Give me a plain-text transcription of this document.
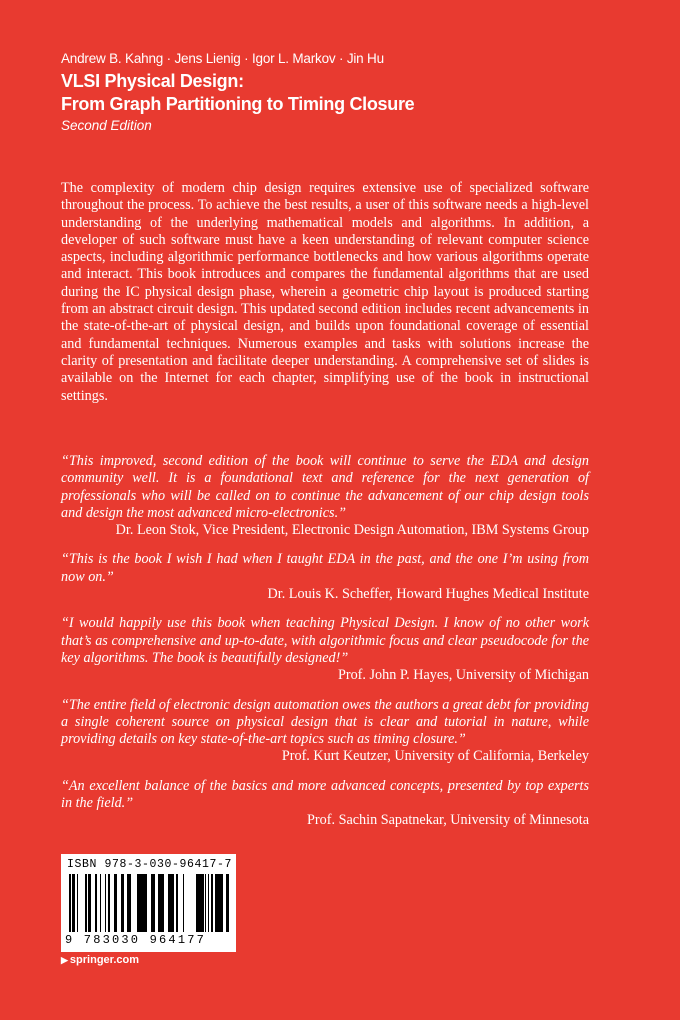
Andrew B. Kahng · Jens Lienig · Igor L. Markov · Jin Hu

VLSI Physical Design:

From Graph Partitioning to Timing Closure

Second Edition

The complexity of modern chip design requires extensive use of specialized software throughout the process. To achieve the best results, a user of this software needs a high-level understanding of the underlying mathematical models and algorithms. In addition, a developer of such software must have a keen understanding of relevant computer science aspects, including algorithmic performance bottlenecks and how various algorithms operate and interact. This book introduces and compares the fundamental algorithms that are used during the IC physical design phase, wherein a geometric chip layout is produced starting from an abstract circuit design. This updated second edition includes recent advancements in the state-of-the-art of physical design, and builds upon foundational coverage of essential and fundamental techniques. Numerous examples and tasks with solutions increase the clarity of presentation and facilitate deeper understanding. A comprehensive set of slides is available on the Internet for each chapter, simplifying use of the book in instructional settings.

“This improved, second edition of the book will continue to serve the EDA and design community well. It is a foundational text and reference for the next generation of professionals who will be called on to continue the advancement of our chip design tools and design the most advanced micro-electronics.”

Dr. Leon Stok, Vice President, Electronic Design Automation, IBM Systems Group

“This is the book I wish I had when I taught EDA in the past, and the one I’m using from now on.”

Dr. Louis K. Scheffer, Howard Hughes Medical Institute

“I would happily use this book when teaching Physical Design. I know of no other work that’s as comprehensive and up-to-date, with algorithmic focus and clear pseudocode for the key algorithms. The book is beautifully designed!”

Prof. John P. Hayes, University of Michigan

“The entire field of electronic design automation owes the authors a great debt for providing a single coherent source on physical design that is clear and tutorial in nature, while providing details on key state-of-the-art topics such as timing closure.”

Prof. Kurt Keutzer, University of California, Berkeley

“An excellent balance of the basics and more advanced concepts, presented by top experts in the field.”

Prof. Sachin Sapatnekar, University of Minnesota

ISBN 978-3-030-96417-7
9 783030 964177
▶ springer.com
